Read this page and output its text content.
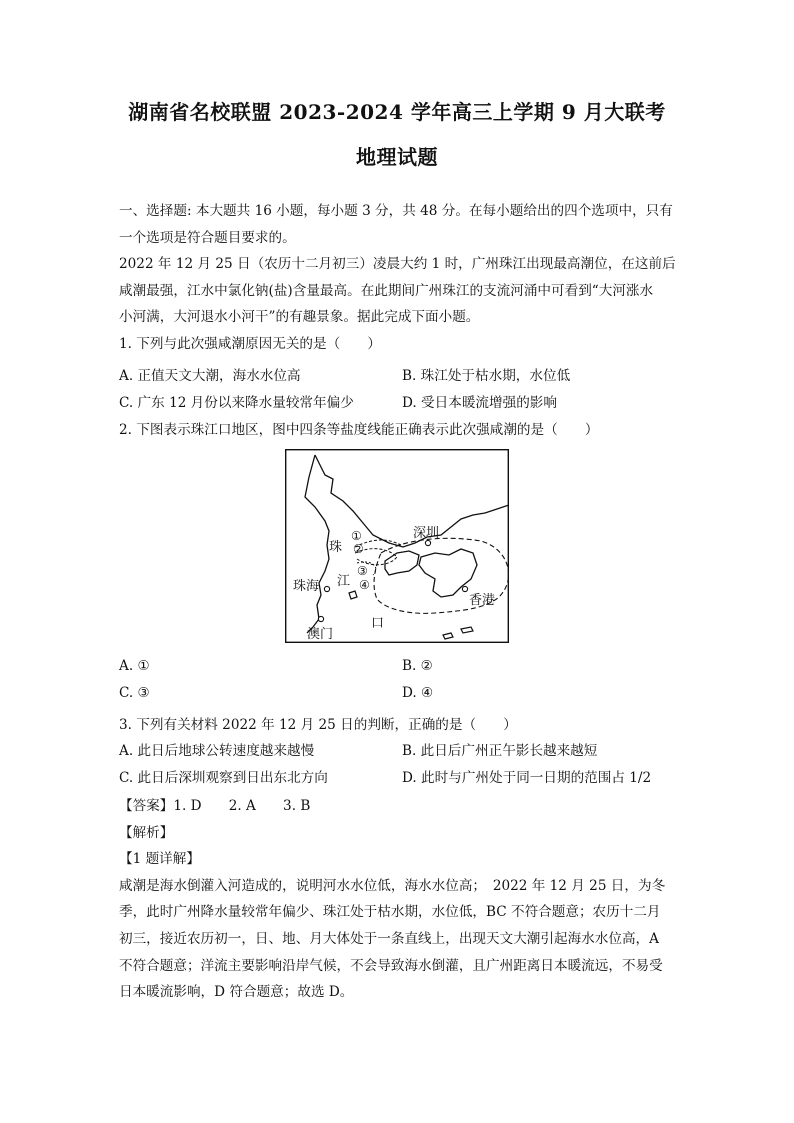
湖南省名校联盟 2023-2024 学年高三上学期 9 月大联考
地理试题
一、选择题: 本大题共 16 小题，每小题 3 分，共 48 分。在每小题给出的四个选项中，只有
一个选项是符合题目要求的。
2022 年 12 月 25 日（农历十二月初三）凌晨大约 1 时，广州珠江出现最高潮位，在这前后
咸潮最强，江水中氯化钠(盐)含量最高。在此期间广州珠江的支流河涌中可看到“大河涨水
小河满，大河退水小河干”的有趣景象。据此完成下面小题。
1. 下列与此次强咸潮原因无关的是（　　）
A. 正值天文大潮，海水水位高	B. 珠江处于枯水期，水位低
C. 广东 12 月份以来降水量较常年偏少	D. 受日本暖流增强的影响
2. 下图表示珠江口地区，图中四条等盐度线能正确表示此次强咸潮的是（　　）
深圳
珠
江
口
珠海
香港
澳门
①
②
③
④
A. ①	B. ②
C. ③	D. ④
3. 下列有关材料 2022 年 12 月 25 日的判断，正确的是（　　）
A. 此日后地球公转速度越来越慢	B. 此日后广州正午影长越来越短
C. 此日后深圳观察到日出东北方向	D. 此时与广州处于同一日期的范围占 1/2
【答案】1. D　　2. A　　3. B
【解析】
【1 题详解】
咸潮是海水倒灌入河造成的，说明河水水位低，海水水位高；　2022 年 12 月 25 日，为冬
季，此时广州降水量较常年偏少、珠江处于枯水期，水位低，BC 不符合题意；农历十二月
初三，接近农历初一，日、地、月大体处于一条直线上，出现天文大潮引起海水水位高，A
不符合题意；洋流主要影响沿岸气候，不会导致海水倒灌，且广州距离日本暖流远，不易受
日本暖流影响，D 符合题意；故选 D。
